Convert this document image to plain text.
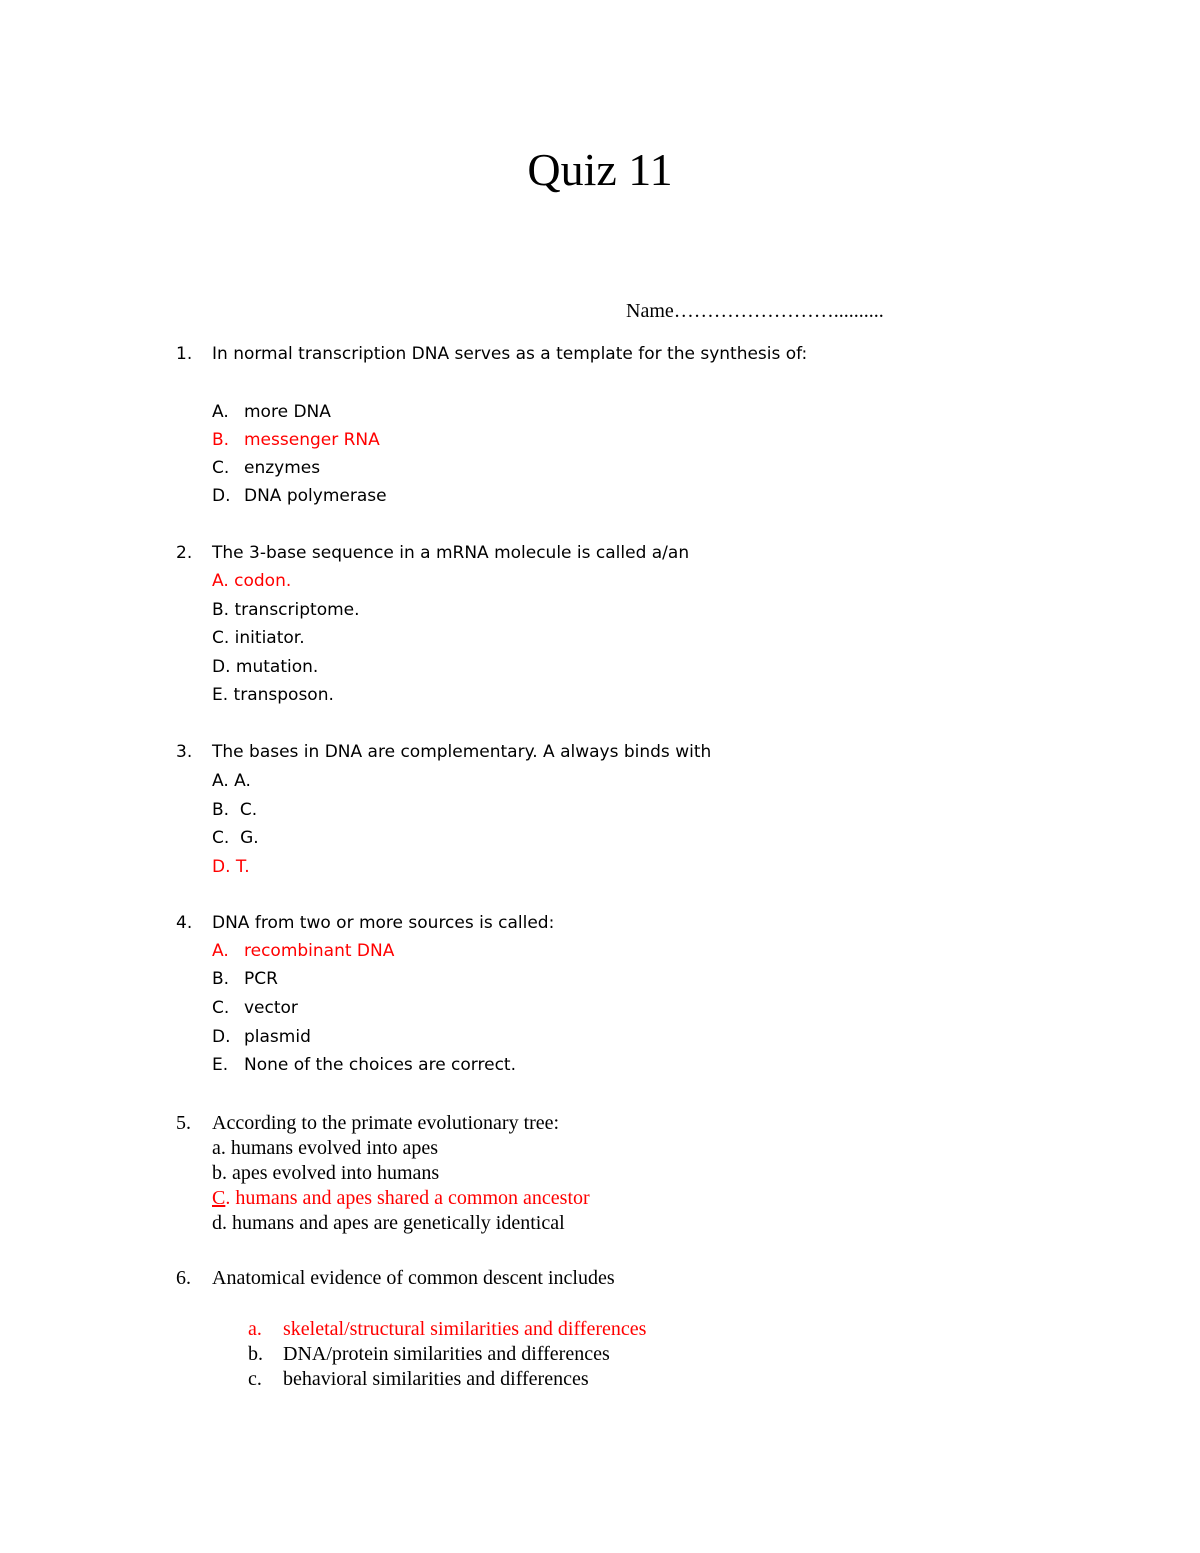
Quiz 11
Name……………………..........
1. In normal transcription DNA serves as a template for the synthesis of:
A. more DNA
B. messenger RNA
C. enzymes
D. DNA polymerase
2. The 3-base sequence in a mRNA molecule is called a/an
A. codon.
B. transcriptome.
C. initiator.
D. mutation.
E. transposon.
3. The bases in DNA are complementary. A always binds with
A. A.
B.  C.
C.  G.
D. T.
4. DNA from two or more sources is called:
A. recombinant DNA
B. PCR
C. vector
D. plasmid
E. None of the choices are correct.
5. According to the primate evolutionary tree:
a. humans evolved into apes
b. apes evolved into humans
C. humans and apes shared a common ancestor
d. humans and apes are genetically identical
6. Anatomical evidence of common descent includes
a. skeletal/structural similarities and differences
b. DNA/protein similarities and differences
c. behavioral similarities and differences
